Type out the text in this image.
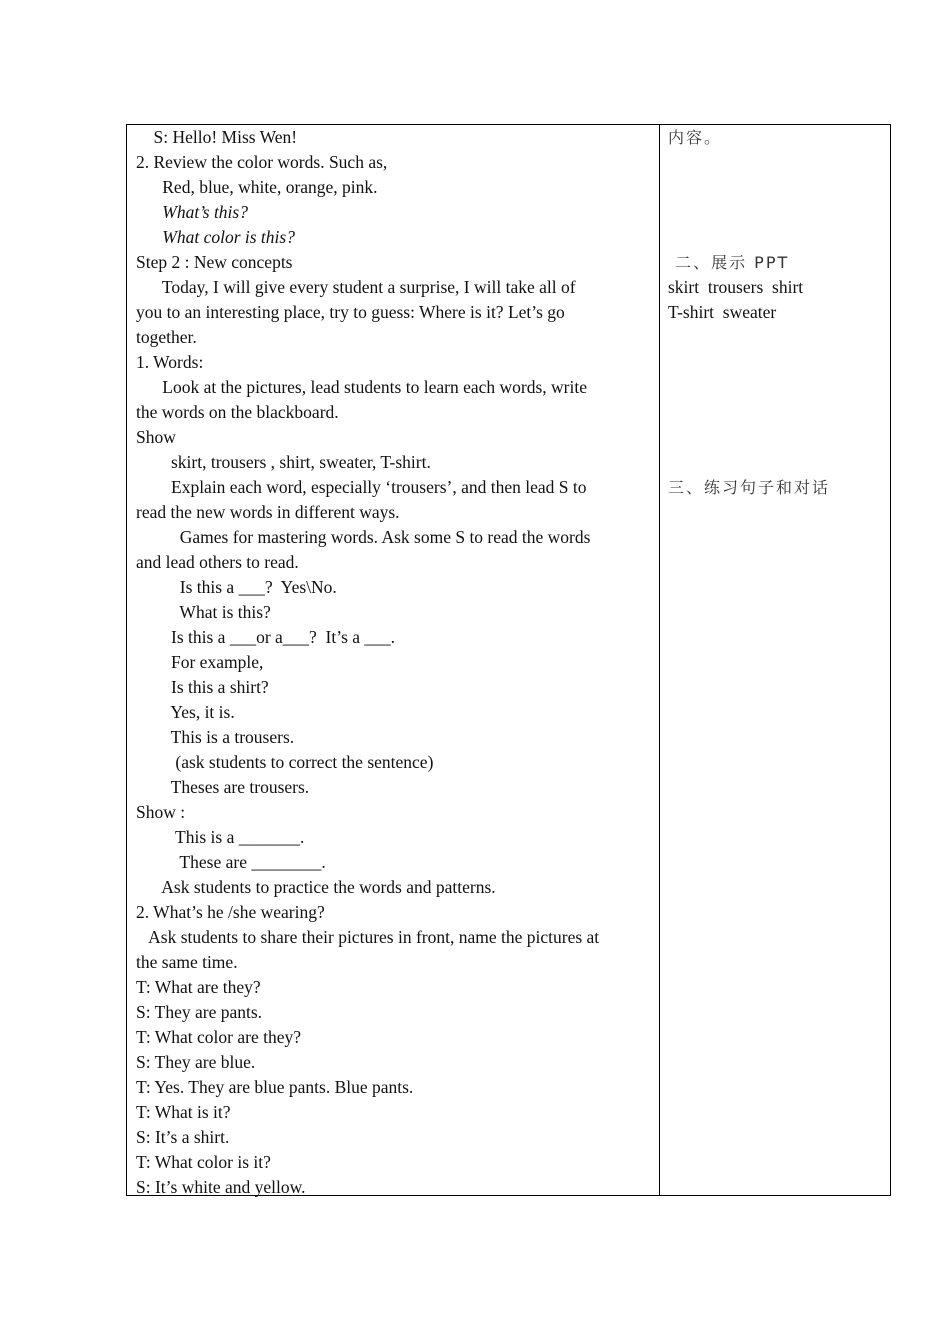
S: Hello! Miss Wen!
2. Review the color words. Such as,
Red, blue, white, orange, pink.
What’s this?
What color is this?
Step 2 : New concepts
Today, I will give every student a surprise, I will take all of
you to an interesting place, try to guess: Where is it? Let’s go
together.
1. Words:
Look at the pictures, lead students to learn each words, write
the words on the blackboard.
Show
skirt, trousers , shirt, sweater, T-shirt.
Explain each word, especially ‘trousers’, and then lead S to
read the new words in different ways.
Games for mastering words. Ask some S to read the words
and lead others to read.
Is this a ___?  Yes\No.
What is this?
Is this a ___or a___?  It’s a ___.
For example,
Is this a shirt?
Yes, it is.
This is a trousers.
(ask students to correct the sentence)
Theses are trousers.
Show :
This is a _______.
These are ________.
Ask students to practice the words and patterns.
2. What’s he /she wearing?
Ask students to share their pictures in front, name the pictures at
the same time.
T: What are they?
S: They are pants.
T: What color are they?
S: They are blue.
T: Yes. They are blue pants. Blue pants.
T: What is it?
S: It’s a shirt.
T: What color is it?
S: It’s white and yellow.
内容。
二、展示 PPT
skirt  trousers  shirt
T-shirt  sweater
三、练习句子和对话
